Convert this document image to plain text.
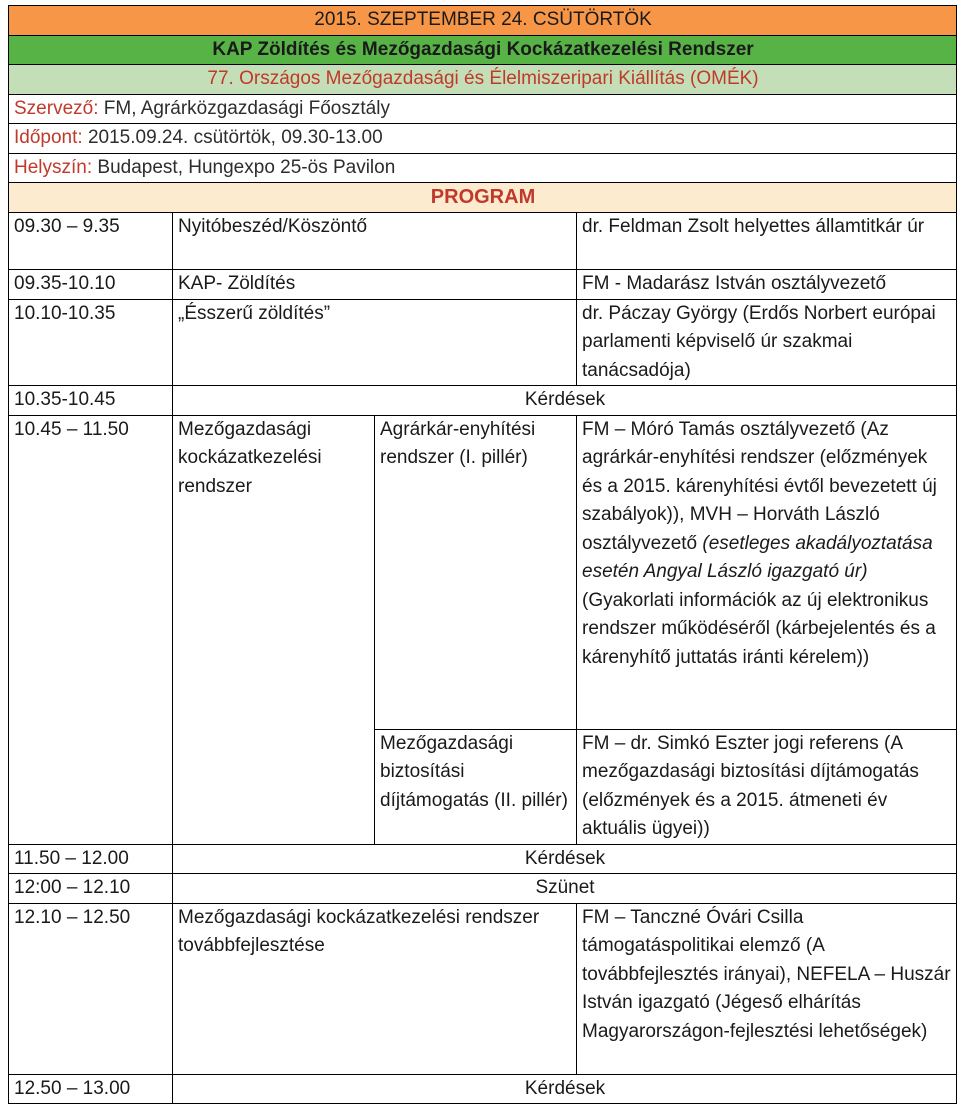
2015. SZEPTEMBER 24. CSÜTÖRTÖK			
KAP Zöldítés és Mezőgazdasági Kockázatkezelési Rendszer			
77. Országos Mezőgazdasági és Élelmiszeripari Kiállítás (OMÉK)			
Szervező: FM, Agrárközgazdasági Főosztály			
Időpont: 2015.09.24. csütörtök, 09.30-13.00			
Helyszín: Budapest, Hungexpo 25-ös Pavilon			
PROGRAM			
09.30 – 9.35	Nyitóbeszéd/Köszöntő		dr. Feldman Zsolt helyettes államtitkár úr
09.35-10.10	KAP- Zöldítés		FM - Madarász István osztályvezető
10.10-10.35	„Ésszerű zöldítés”		dr. Páczay György (Erdős Norbert európai parlamenti képviselő úr szakmai tanácsadója)
10.35-10.45	Kérdések		
10.45 – 11.50	Mezőgazdasági kockázatkezelési rendszer	Agrárkár-enyhítési rendszer (I. pillér)	FM – Móró Tamás osztályvezető (Az agrárkár-enyhítési rendszer (előzmények és a 2015. kárenyhítési évtől bevezetett új szabályok)), MVH – Horváth László osztályvezető (esetleges akadályoztatása esetén Angyal László igazgató úr) (Gyakorlati információk az új elektronikus rendszer működéséről (kárbejelentés és a kárenyhítő juttatás iránti kérelem))
		Mezőgazdasági biztosítási díjtámogatás (II. pillér)	FM – dr. Simkó Eszter jogi referens (A mezőgazdasági biztosítási díjtámogatás (előzmények és a 2015. átmeneti év aktuális ügyei))
11.50 – 12.00	Kérdések		
12:00 – 12.10	Szünet		
12.10 – 12.50	Mezőgazdasági kockázatkezelési rendszer továbbfejlesztése		FM – Tanczné Óvári Csilla támogatáspolitikai elemző (A továbbfejlesztés irányai), NEFELA – Huszár István igazgató (Jégeső elhárítás Magyarországon-fejlesztési lehetőségek)
12.50 – 13.00	Kérdések		
